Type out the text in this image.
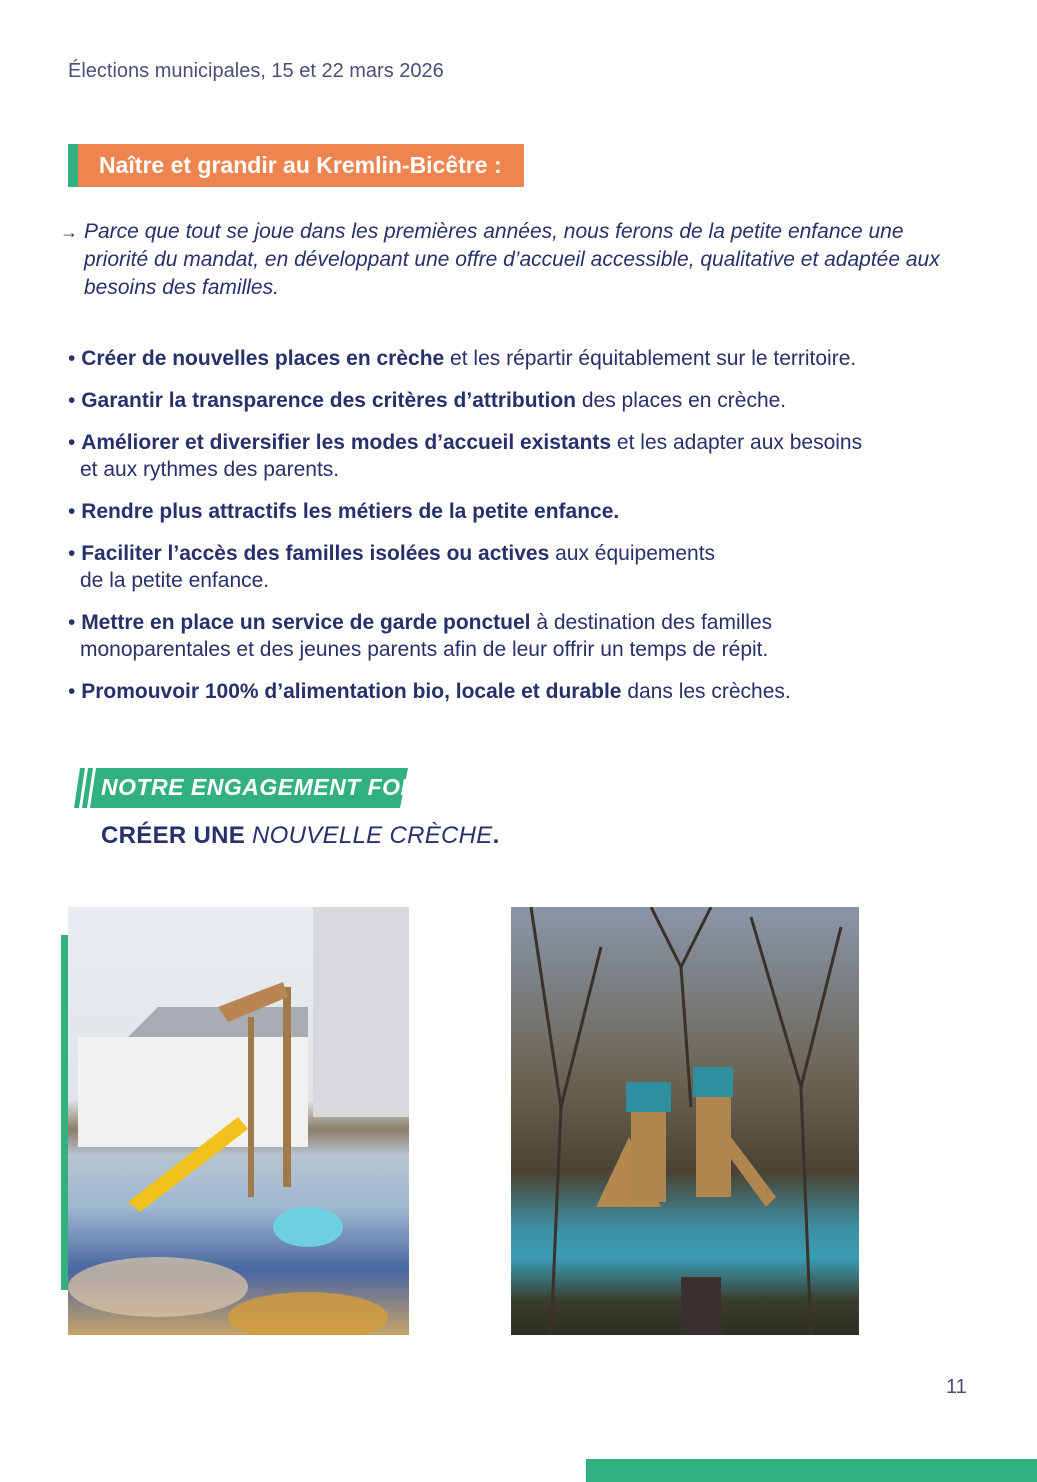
Élections municipales, 15 et 22 mars 2026
Naître et grandir au Kremlin-Bicêtre :
→ Parce que tout se joue dans les premières années, nous ferons de la petite enfance une priorité du mandat, en développant une offre d’accueil accessible, qualitative et adaptée aux besoins des familles.
• Créer de nouvelles places en crèche et les répartir équitablement sur le territoire.
• Garantir la transparence des critères d’attribution des places en crèche.
• Améliorer et diversifier les modes d’accueil existants et les adapter aux besoins
et aux rythmes des parents.
• Rendre plus attractifs les métiers de la petite enfance.
• Faciliter l’accès des familles isolées ou actives aux équipements
de la petite enfance.
• Mettre en place un service de garde ponctuel à destination des familles
monoparentales et des jeunes parents afin de leur offrir un temps de répit.
• Promouvoir 100% d’alimentation bio, locale et durable dans les crèches.
NOTRE ENGAGEMENT FORT :
CRÉER UNE NOUVELLE CRÈCHE.
11
